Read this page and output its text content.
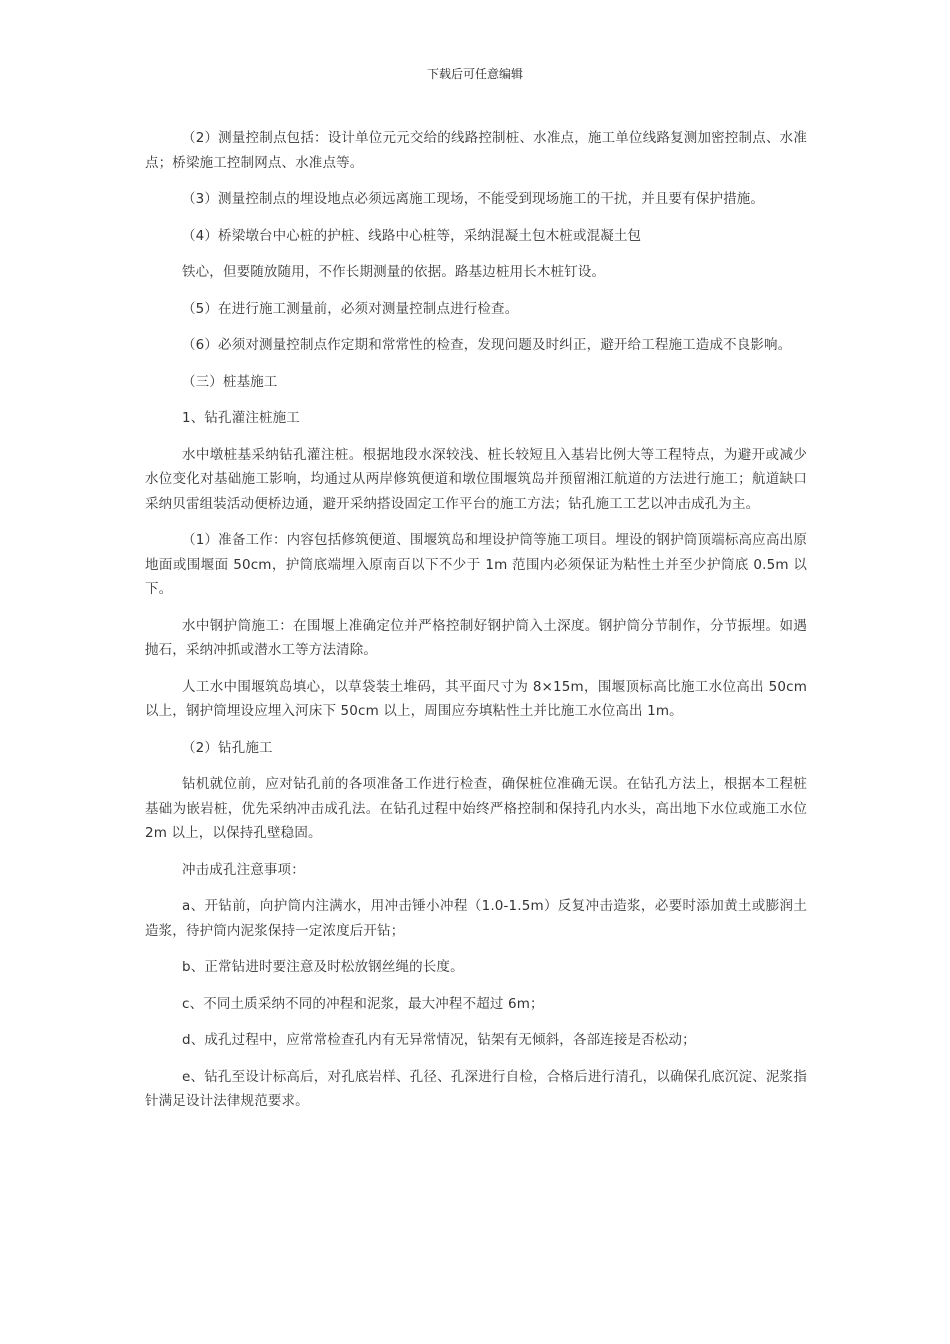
下载后可任意编辑

（2）测量控制点包括：设计单位元元交给的线路控制桩、水准点，施工单位线路复测加密控制点、水准点；桥梁施工控制网点、水准点等。

（3）测量控制点的埋设地点必须远离施工现场，不能受到现场施工的干扰，并且要有保护措施。

（4）桥梁墩台中心桩的护桩、线路中心桩等，采纳混凝土包木桩或混凝土包

铁心，但要随放随用，不作长期测量的依据。路基边桩用长木桩钉设。

（5）在进行施工测量前，必须对测量控制点进行检查。

（6）必须对测量控制点作定期和常常性的检查，发现问题及时纠正，避开给工程施工造成不良影响。

（三）桩基施工

1、钻孔灌注桩施工

水中墩桩基采纳钻孔灌注桩。根据地段水深较浅、桩长较短且入基岩比例大等工程特点，为避开或减少水位变化对基础施工影响，均通过从两岸修筑便道和墩位围堰筑岛并预留湘江航道的方法进行施工；航道缺口采纳贝雷组装活动便桥边通，避开采纳搭设固定工作平台的施工方法；钻孔施工工艺以冲击成孔为主。

（1）准备工作：内容包括修筑便道、围堰筑岛和埋设护筒等施工项目。埋设的钢护筒顶端标高应高出原地面或围堰面 50cm，护筒底端埋入原南百以下不少于 1m 范围内必须保证为粘性土并至少护筒底 0.5m 以下。

水中钢护筒施工：在围堰上准确定位并严格控制好钢护筒入土深度。钢护筒分节制作，分节振埋。如遇抛石，采纳冲抓或潜水工等方法清除。

人工水中围堰筑岛填心，以草袋装土堆码，其平面尺寸为 8×15m，围堰顶标高比施工水位高出 50cm 以上，钢护筒埋设应埋入河床下 50cm 以上，周围应夯填粘性土并比施工水位高出 1m。

（2）钻孔施工

钻机就位前，应对钻孔前的各项准备工作进行检查，确保桩位准确无误。在钻孔方法上，根据本工程桩基础为嵌岩桩，优先采纳冲击成孔法。在钻孔过程中始终严格控制和保持孔内水头，高出地下水位或施工水位 2m 以上，以保持孔壁稳固。

冲击成孔注意事项：

a、开钻前，向护筒内注满水，用冲击锤小冲程（1.0-1.5m）反复冲击造浆，必要时添加黄土或膨润土造浆，待护筒内泥浆保持一定浓度后开钻；

b、正常钻进时要注意及时松放钢丝绳的长度。

c、不同土质采纳不同的冲程和泥浆，最大冲程不超过 6m；

d、成孔过程中，应常常检查孔内有无异常情况，钻架有无倾斜，各部连接是否松动；

e、钻孔至设计标高后，对孔底岩样、孔径、孔深进行自检，合格后进行清孔，以确保孔底沉淀、泥浆指针满足设计法律规范要求。
